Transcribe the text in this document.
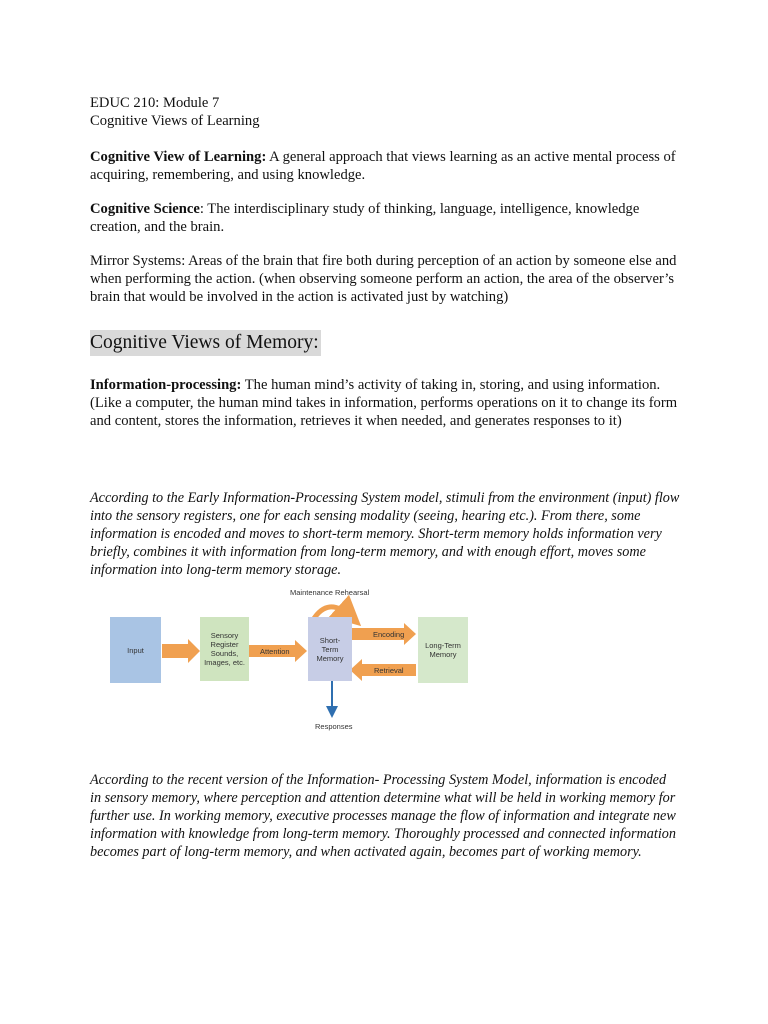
EDUC 210: Module 7

Cognitive Views of Learning

Cognitive View of Learning: A general approach that views learning as an active mental process of acquiring, remembering, and using knowledge.

Cognitive Science: The interdisciplinary study of thinking, language, intelligence, knowledge creation, and the brain.

Mirror Systems: Areas of the brain that fire both during perception of an action by someone else and when performing the action. (when observing someone perform an action, the area of the observer’s brain that would be involved in the action is activated just by watching)

Cognitive Views of Memory:

Information-processing: The human mind’s activity of taking in, storing, and using information. (Like a computer, the human mind takes in information, performs operations on it to change its form and content, stores the information, retrieves it when needed, and generates responses to it)

According to the Early Information-Processing System model, stimuli from the environment (input) flow into the sensory registers, one for each sensing modality (seeing, hearing etc.). From there, some information is encoded and moves to short-term memory. Short-term memory holds information very briefly, combines it with information from long-term memory, and with enough effort, moves some information into long-term memory storage.

Maintenance Rehearsal
Input
Sensory
Register
Sounds,
Images, etc.
Attention
Short-
Term
Memory
Encoding
Retrieval
Long-Term
Memory
Responses

According to the recent version of the Information- Processing System Model, information is encoded in sensory memory, where perception and attention determine what will be held in working memory for further use. In working memory, executive processes manage the flow of information and integrate new information with knowledge from long-term memory. Thoroughly processed and connected information becomes part of long-term memory, and when activated again, becomes part of working memory.
